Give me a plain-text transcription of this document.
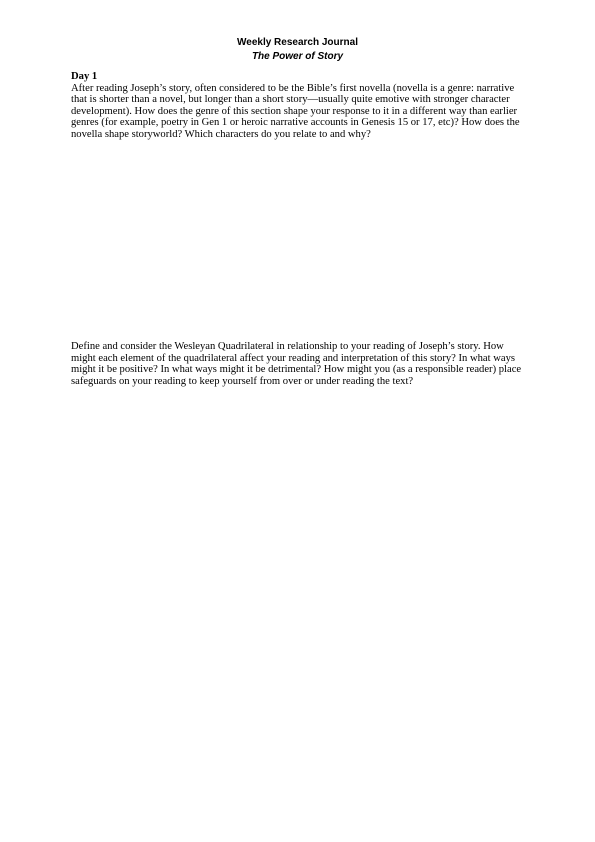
Weekly Research Journal
The Power of Story

Day 1

After reading Joseph’s story, often considered to be the Bible’s first novella (novella is a genre: narrative that is shorter than a novel, but longer than a short story—usually quite emotive with stronger character development). How does the genre of this section shape your response to it in a different way than earlier genres (for example, poetry in Gen 1 or heroic narrative accounts in Genesis 15 or 17, etc)? How does the novella shape storyworld? Which characters do you relate to and why?

Define and consider the Wesleyan Quadrilateral in relationship to your reading of Joseph’s story. How might each element of the quadrilateral affect your reading and interpretation of this story? In what ways might it be positive? In what ways might it be detrimental? How might you (as a responsible reader) place safeguards on your reading to keep yourself from over or under reading the text?
